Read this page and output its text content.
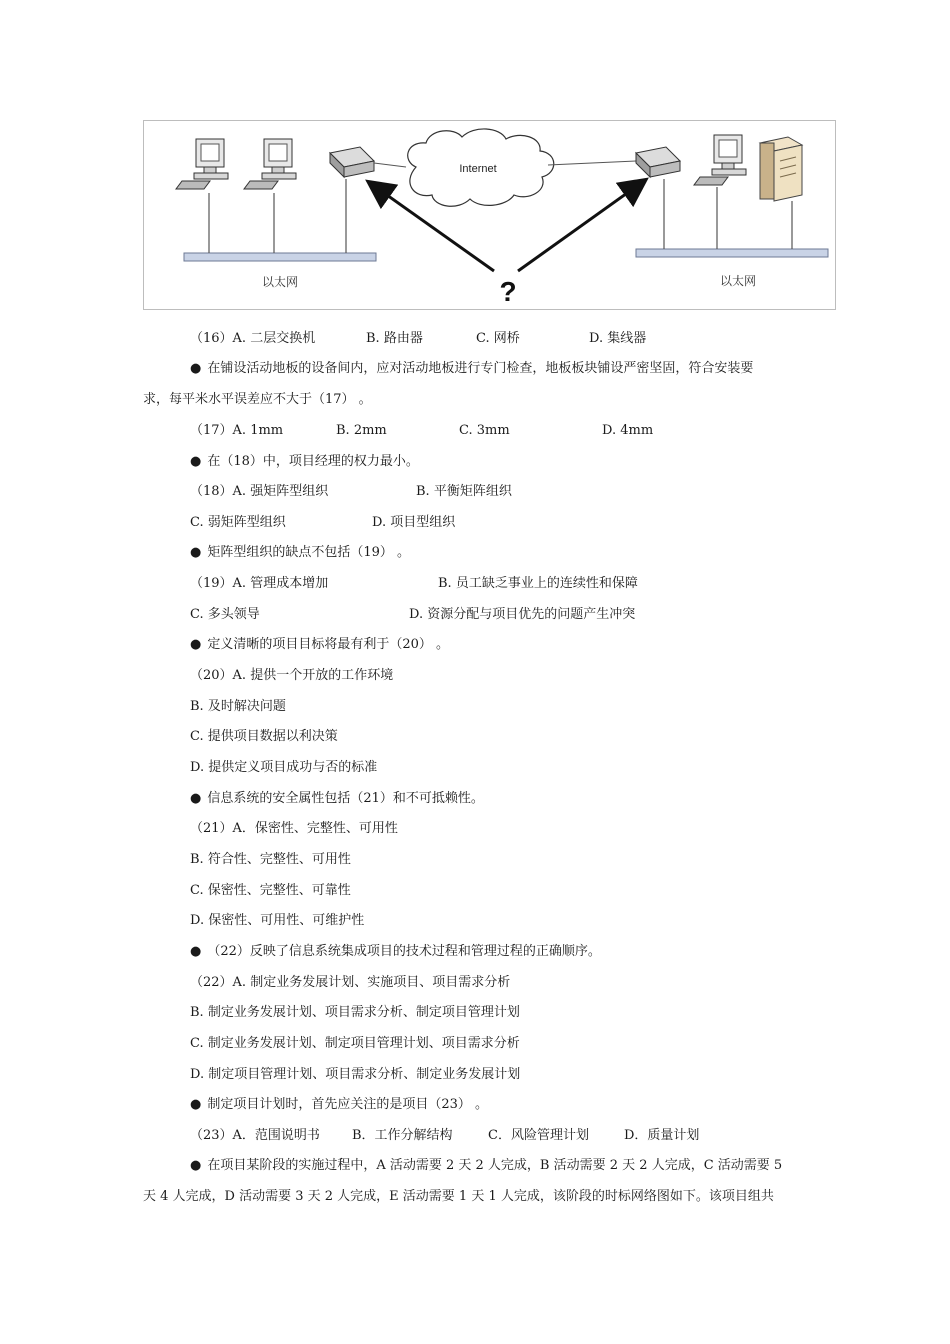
Internet
?
以太网	以太网
（16）A. 二层交换机	B. 路由器	C. 网桥	D. 集线器
● 在铺设活动地板的设备间内，应对活动地板进行专门检查，地板板块铺设严密坚固，符合安装要
求，每平米水平误差应不大于（17） 。
（17）A. 1mm	B. 2mm	C. 3mm	D. 4mm
● 在（18）中，项目经理的权力最小。
（18）A. 强矩阵型组织	B. 平衡矩阵组织
C. 弱矩阵型组织	D. 项目型组织
● 矩阵型组织的缺点不包括（19） 。
（19）A. 管理成本增加	B. 员工缺乏事业上的连续性和保障
C. 多头领导	D. 资源分配与项目优先的问题产生冲突
● 定义清晰的项目目标将最有利于（20） 。
（20）A. 提供一个开放的工作环境
B. 及时解决问题
C. 提供项目数据以利决策
D. 提供定义项目成功与否的标准
● 信息系统的安全属性包括（21）和不可抵赖性。
（21）A．保密性、完整性、可用性
B. 符合性、完整性、可用性
C. 保密性、完整性、可靠性
D. 保密性、可用性、可维护性
● （22）反映了信息系统集成项目的技术过程和管理过程的正确顺序。
（22）A. 制定业务发展计划、实施项目、项目需求分析
B. 制定业务发展计划、项目需求分析、制定项目管理计划
C. 制定业务发展计划、制定项目管理计划、项目需求分析
D. 制定项目管理计划、项目需求分析、制定业务发展计划
● 制定项目计划时，首先应关注的是项目（23） 。
（23）A．范围说明书 B．工作分解结构	C．风险管理计划	D．质量计划
● 在项目某阶段的实施过程中，A 活动需要 2 天 2 人完成，B 活动需要 2 天 2 人完成，C 活动需要 5
天 4 人完成，D 活动需要 3 天 2 人完成，E 活动需要 1 天 1 人完成，该阶段的时标网络图如下。该项目组共
